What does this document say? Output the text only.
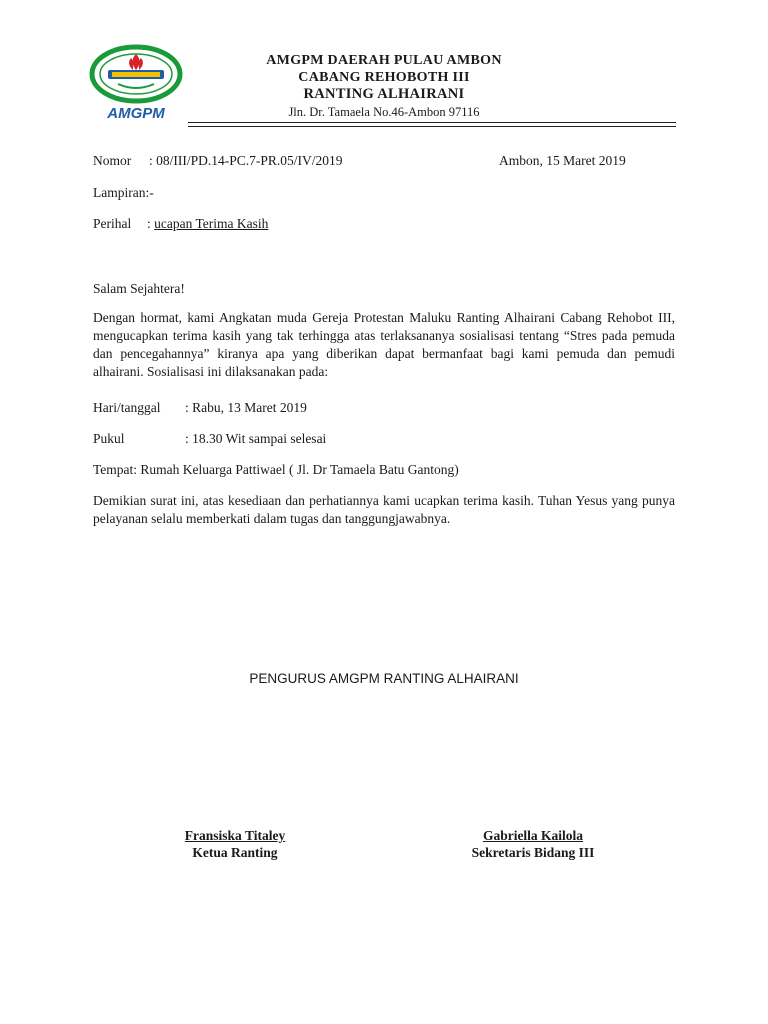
AMGPM
AMGPM DAERAH PULAU AMBON
CABANG REHOBOTH III
RANTING ALHAIRANI
Jln. Dr. Tamaela No.46-Ambon 97116
Nomor : 08/III/PD.14-PC.7-PR.05/IV/2019	Ambon, 15 Maret 2019
Lampiran:-
Perihal : ucapan Terima Kasih
Salam Sejahtera!
Dengan hormat, kami Angkatan muda Gereja Protestan Maluku Ranting Alhairani Cabang Rehobot III, mengucapkan terima kasih yang tak terhingga atas terlaksananya sosialisasi tentang “Stres pada pemuda dan pencegahannya” kiranya apa yang diberikan dapat bermanfaat bagi kami pemuda dan pemudi alhairani. Sosialisasi ini dilaksanakan pada:
Hari/tanggal : Rabu, 13 Maret 2019
Pukul	: 18.30 Wit sampai selesai
Tempat: Rumah Keluarga Pattiwael ( Jl. Dr Tamaela Batu Gantong)
Demikian surat ini, atas kesediaan dan perhatiannya kami ucapkan terima kasih. Tuhan Yesus yang punya pelayanan selalu memberkati dalam tugas dan tanggungjawabnya.
PENGURUS AMGPM RANTING ALHAIRANI
Fransiska Titaley
Ketua Ranting
Gabriella Kailola
Sekretaris Bidang III
